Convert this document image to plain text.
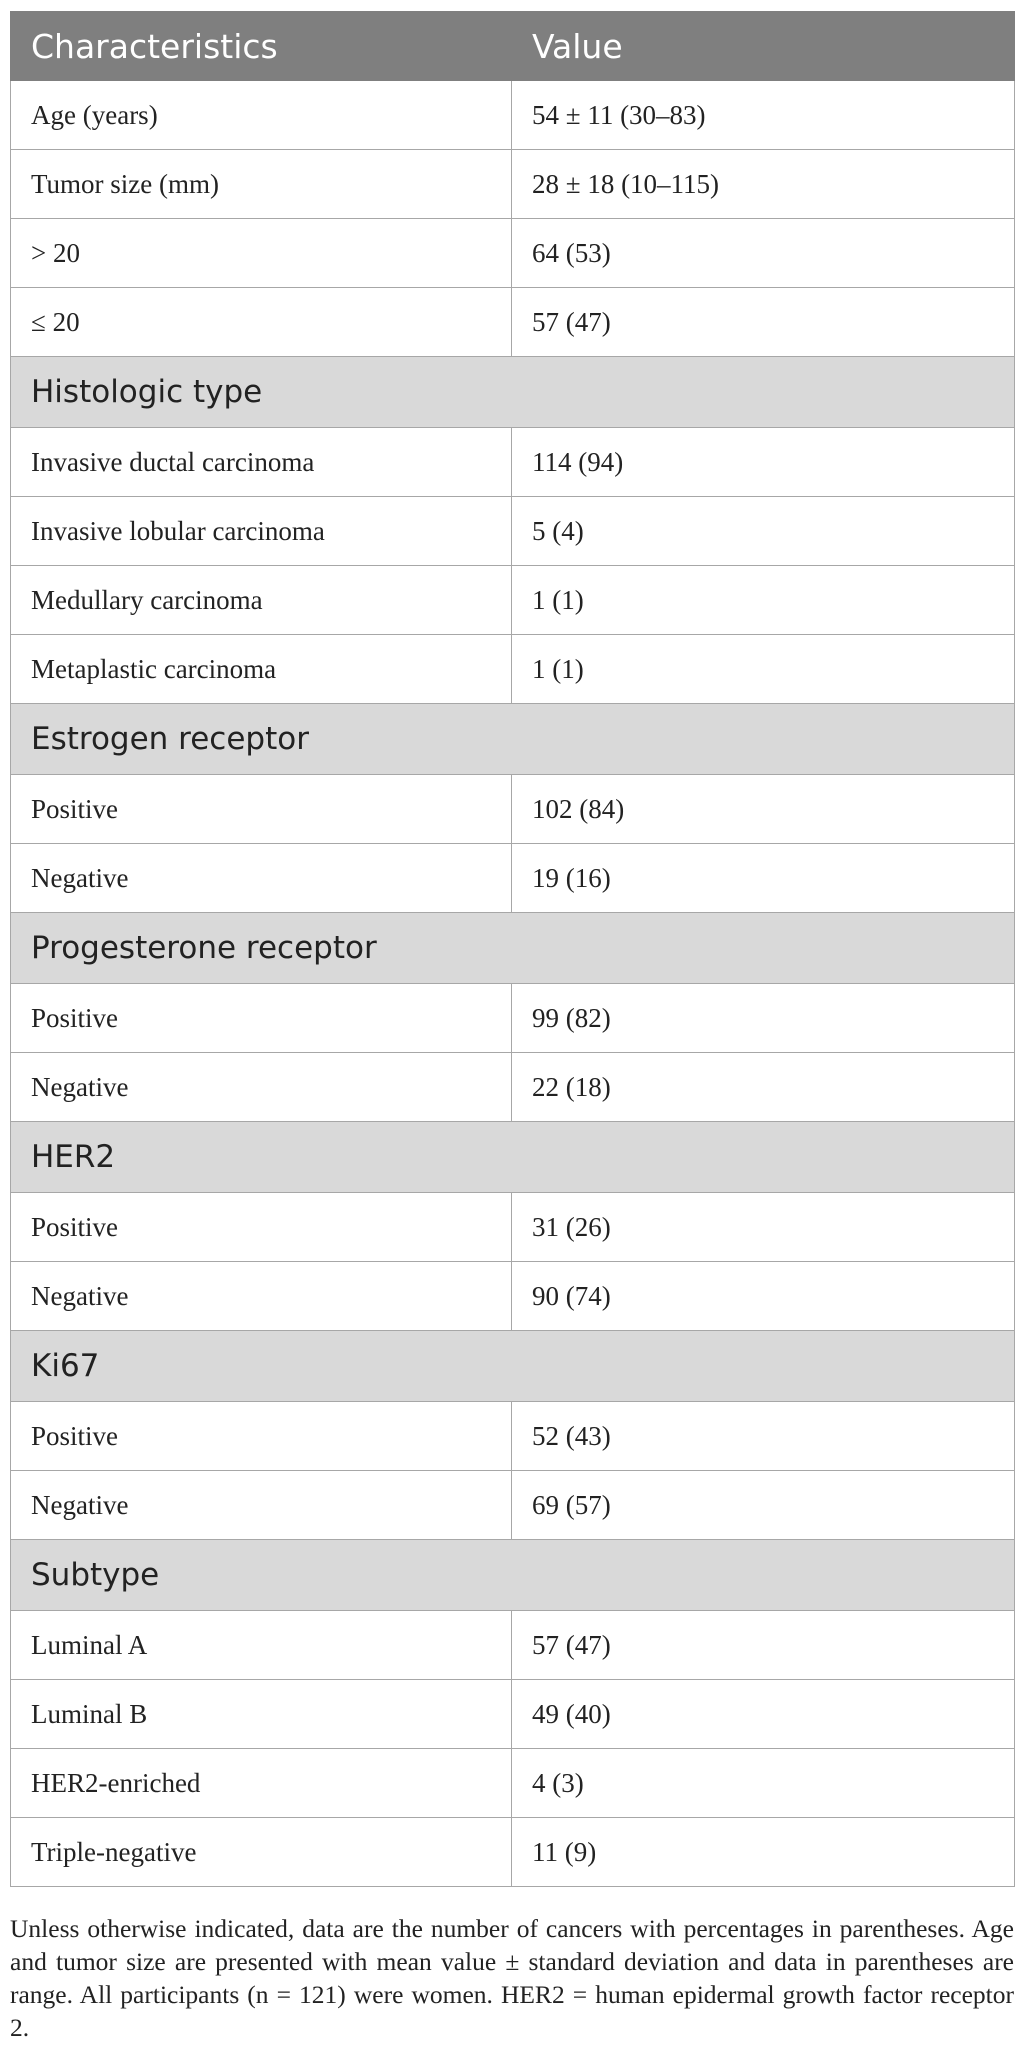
Characteristics	Value
Age (years)	54 ± 11 (30–83)
Tumor size (mm)	28 ± 18 (10–115)
> 20	64 (53)
≤ 20	57 (47)
Histologic type	
Invasive ductal carcinoma	114 (94)
Invasive lobular carcinoma	5 (4)
Medullary carcinoma	1 (1)
Metaplastic carcinoma	1 (1)
Estrogen receptor	
Positive	102 (84)
Negative	19 (16)
Progesterone receptor	
Positive	99 (82)
Negative	22 (18)
HER2	
Positive	31 (26)
Negative	90 (74)
Ki67	
Positive	52 (43)
Negative	69 (57)
Subtype	
Luminal A	57 (47)
Luminal B	49 (40)
HER2-enriched	4 (3)
Triple-negative	11 (9)
Unless otherwise indicated, data are the number of cancers with percentages in parentheses. Age and tumor size are presented with mean value ± standard deviation and data in parentheses are range. All participants (n = 121) were women. HER2 = human epidermal growth factor receptor 2.
